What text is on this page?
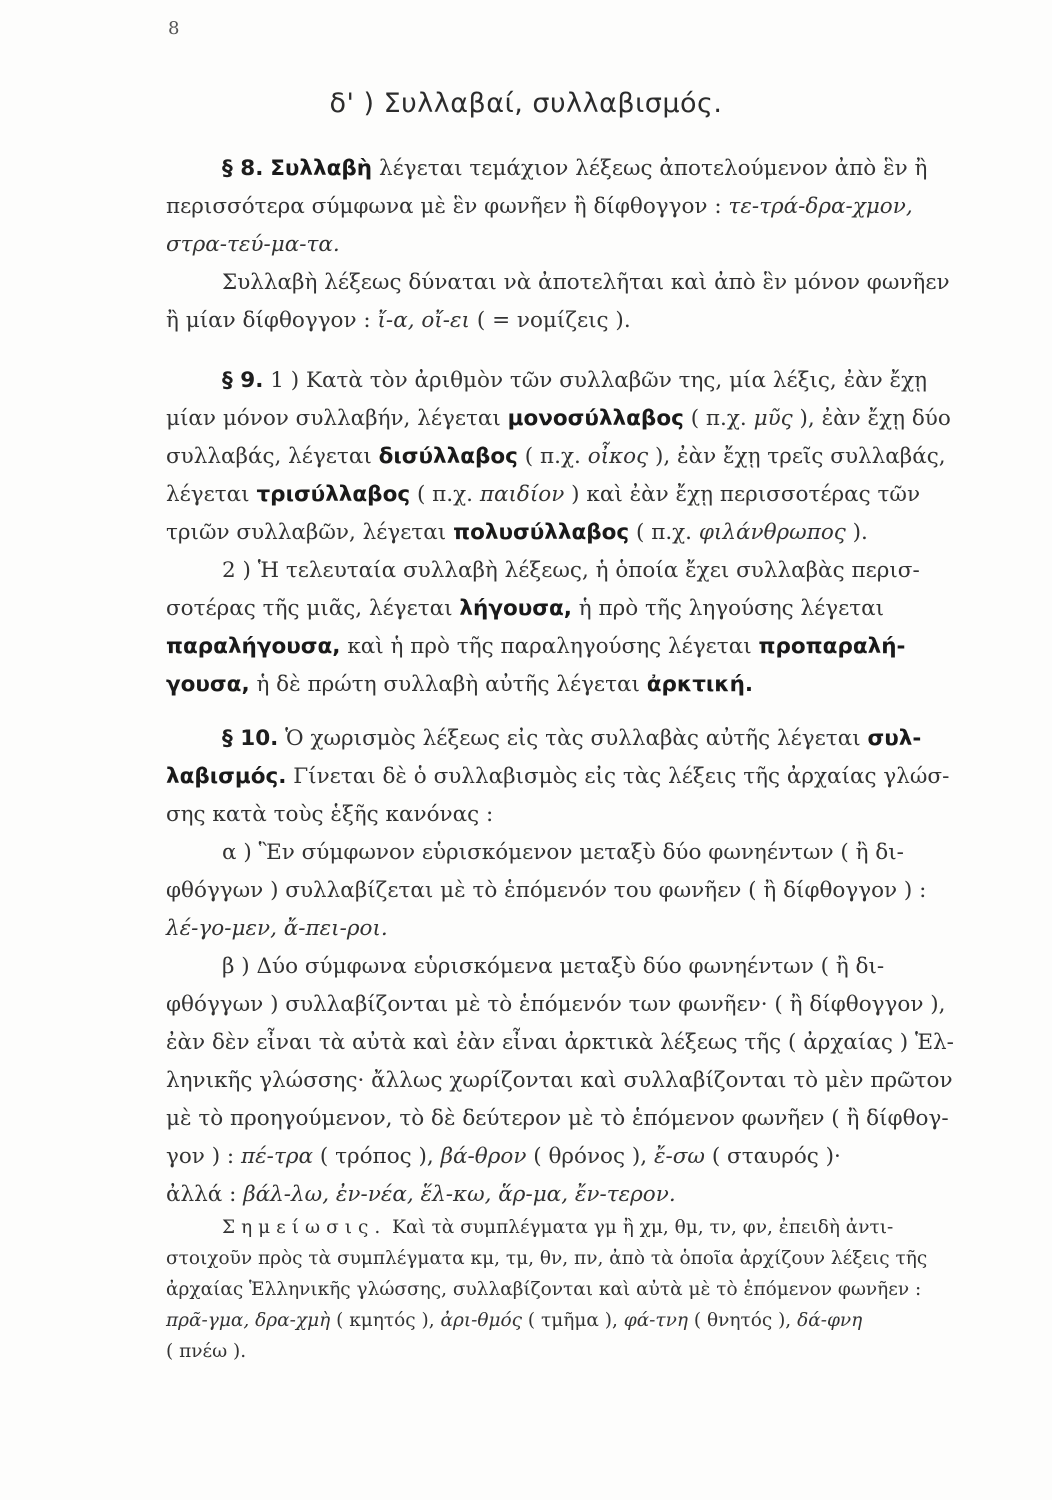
8
δ' ) Συλλαβαί, συλλαβισμός.
§ 8. Συλλαβὴ λέγεται τεμάχιον λέξεως ἀποτελούμενον ἀπὸ ἓν ἢ
περισσότερα σύμφωνα μὲ ἓν φωνῆεν ἢ δίφθογγον : τε-τρά-δρα-χμον,
στρα-τεύ-μα-τα.
Συλλαβὴ λέξεως δύναται νὰ ἀποτελῆται καὶ ἀπὸ ἓν μόνον φωνῆεν
ἢ μίαν δίφθογγον : ἴ-α, οἴ-ει ( = νομίζεις ).
§ 9. 1 ) Κατὰ τὸν ἀριθμὸν τῶν συλλαβῶν της, μία λέξις, ἐὰν ἔχῃ
μίαν μόνον συλλαβήν, λέγεται μονοσύλλαβος ( π.χ. μῦς ), ἐὰν ἔχῃ δύο
συλλαβάς, λέγεται δισύλλαβος ( π.χ. οἶκος ), ἐὰν ἔχῃ τρεῖς συλλαβάς,
λέγεται τρισύλλαβος ( π.χ. παιδίον ) καὶ ἐὰν ἔχῃ περισσοτέρας τῶν
τριῶν συλλαβῶν, λέγεται πολυσύλλαβος ( π.χ. φιλάνθρωπος ).
2 ) Ἡ τελευταία συλλαβὴ λέξεως, ἡ ὁποία ἔχει συλλαβὰς περισ-
σοτέρας τῆς μιᾶς, λέγεται λήγουσα, ἡ πρὸ τῆς ληγούσης λέγεται
παραλήγουσα, καὶ ἡ πρὸ τῆς παραληγούσης λέγεται προπαραλή-
γουσα, ἡ δὲ πρώτη συλλαβὴ αὐτῆς λέγεται ἀρκτική.
§ 10. Ὁ χωρισμὸς λέξεως εἰς τὰς συλλαβὰς αὐτῆς λέγεται συλ-
λαβισμός. Γίνεται δὲ ὁ συλλαβισμὸς εἰς τὰς λέξεις τῆς ἀρχαίας γλώσ-
σης κατὰ τοὺς ἑξῆς κανόνας :
α ) Ἓν σύμφωνον εὑρισκόμενον μεταξὺ δύο φωνηέντων ( ἢ δι-
φθόγγων ) συλλαβίζεται μὲ τὸ ἑπόμενόν του φωνῆεν ( ἢ δίφθογγον ) :
λέ-γο-μεν, ἄ-πει-ροι.
β ) Δύο σύμφωνα εὑρισκόμενα μεταξὺ δύο φωνηέντων ( ἢ δι-
φθόγγων ) συλλαβίζονται μὲ τὸ ἑπόμενόν των φωνῆεν· ( ἢ δίφθογγον ),
ἐὰν δὲν εἶναι τὰ αὐτὰ καὶ ἐὰν εἶναι ἀρκτικὰ λέξεως τῆς ( ἀρχαίας ) Ἑλ-
ληνικῆς γλώσσης· ἄλλως χωρίζονται καὶ συλλαβίζονται τὸ μὲν πρῶτον
μὲ τὸ προηγούμενον, τὸ δὲ δεύτερον μὲ τὸ ἑπόμενον φωνῆεν ( ἢ δίφθογ-
γον ) : πέ-τρα ( τρόπος ), βά-θρον ( θρόνος ), ἔ-σω ( σταυρός )·
ἀλλά : βάλ-λω, ἐν-νέα, ἕλ-κω, ἅρ-μα, ἔν-τερον.
Σημείωσις. Καὶ τὰ συμπλέγματα γμ ἢ χμ, θμ, τν, φν, ἐπειδὴ ἀντι-
στοιχοῦν πρὸς τὰ συμπλέγματα κμ, τμ, θν, πν, ἀπὸ τὰ ὁποῖα ἀρχίζουν λέξεις τῆς
ἀρχαίας Ἑλληνικῆς γλώσσης, συλλαβίζονται καὶ αὐτὰ μὲ τὸ ἑπόμενον φωνῆεν :
πρᾶ-γμα, δρα-χμὴ ( κμητός ), ἀρι-θμός ( τμῆμα ), φά-τνη ( θνητός ), δά-φνη
( πνέω ).
